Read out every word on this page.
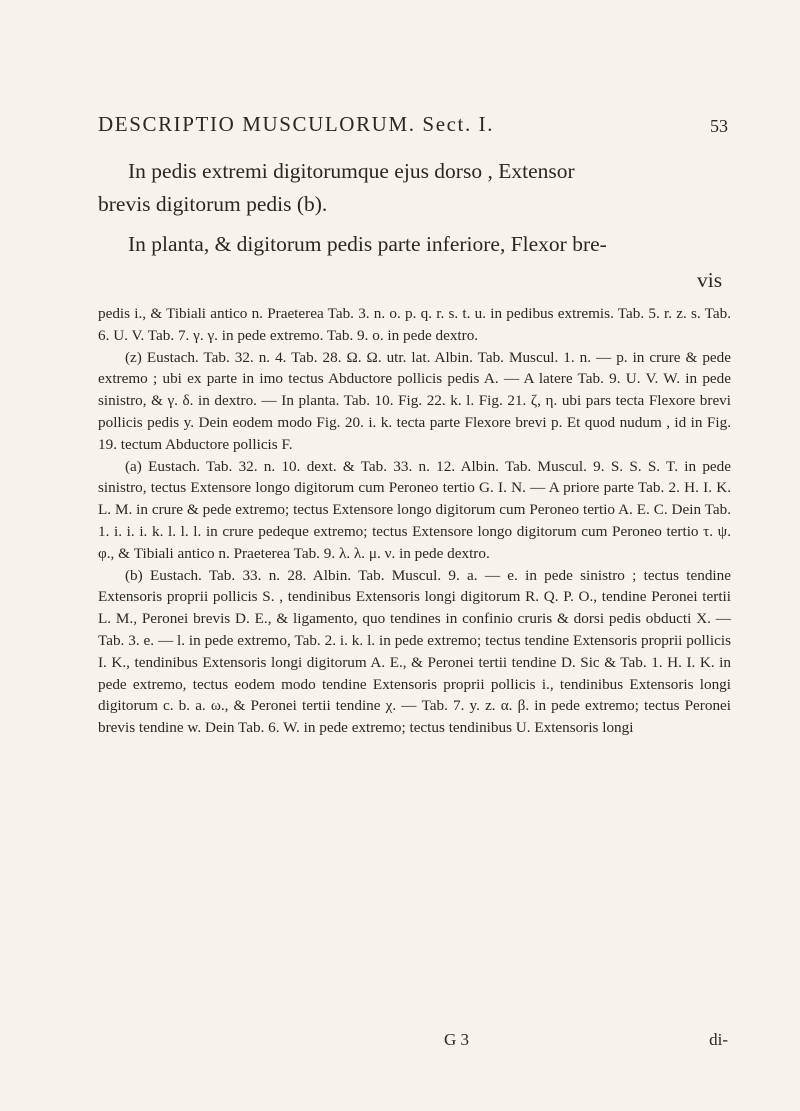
DESCRIPTIO MUSCULORUM. Sect. I.	53

In pedis extremi digitorumque ejus dorso , Extensor

brevis digitorum pedis (b).

In planta, & digitorum pedis parte inferiore, Flexor bre-

vis

pedis i., & Tibiali antico n. Praeterea Tab. 3. n. o. p. q. r. s. t. u. in pedibus extremis. Tab. 5. r. z. s. Tab. 6. U. V. Tab. 7. γ. γ. in pede extremo. Tab. 9. o. in pede dextro.

(z) Eustach. Tab. 32. n. 4. Tab. 28. Ω. Ω. utr. lat. Albin. Tab. Muscul. 1. n. — p. in crure & pede extremo ; ubi ex parte in imo tectus Abductore pollicis pedis A. — A latere Tab. 9. U. V. W. in pede sinistro, & γ. δ. in dextro. — In planta. Tab. 10. Fig. 22. k. l. Fig. 21. ζ, η. ubi pars tecta Flexore brevi pollicis pedis y. Dein eodem modo Fig. 20. i. k. tecta parte Flexore brevi p. Et quod nudum , id in Fig. 19. tectum Abductore pollicis F.

(a) Eustach. Tab. 32. n. 10. dext. & Tab. 33. n. 12. Albin. Tab. Muscul. 9. S. S. S. T. in pede sinistro, tectus Extensore longo digitorum cum Peroneo tertio G. I. N. — A priore parte Tab. 2. H. I. K. L. M. in crure & pede extremo; tectus Extensore longo digitorum cum Peroneo tertio A. E. C. Dein Tab. 1. i. i. i. k. l. l. l. in crure pedeque extremo; tectus Extensore longo digitorum cum Peroneo tertio τ. ψ. φ., & Tibiali antico n. Praeterea Tab. 9. λ. λ. μ. ν. in pede dextro.

(b) Eustach. Tab. 33. n. 28. Albin. Tab. Muscul. 9. a. — e. in pede sinistro ; tectus tendine Extensoris proprii pollicis S. , tendinibus Extensoris longi digitorum R. Q. P. O., tendine Peronei tertii L. M., Peronei brevis D. E., & ligamento, quo tendines in confinio cruris & dorsi pedis obducti X. — Tab. 3. e. — l. in pede extremo, Tab. 2. i. k. l. in pede extremo; tectus tendine Extensoris proprii pollicis I. K., tendinibus Extensoris longi digitorum A. E., & Peronei tertii tendine D. Sic & Tab. 1. H. I. K. in pede extremo, tectus eodem modo tendine Extensoris proprii pollicis i., tendinibus Extensoris longi digitorum c. b. a. ω., & Peronei tertii tendine χ. — Tab. 7. y. z. α. β. in pede extremo; tectus Peronei brevis tendine w. Dein Tab. 6. W. in pede extremo; tectus tendinibus U. Extensoris longi

G 3	di-
